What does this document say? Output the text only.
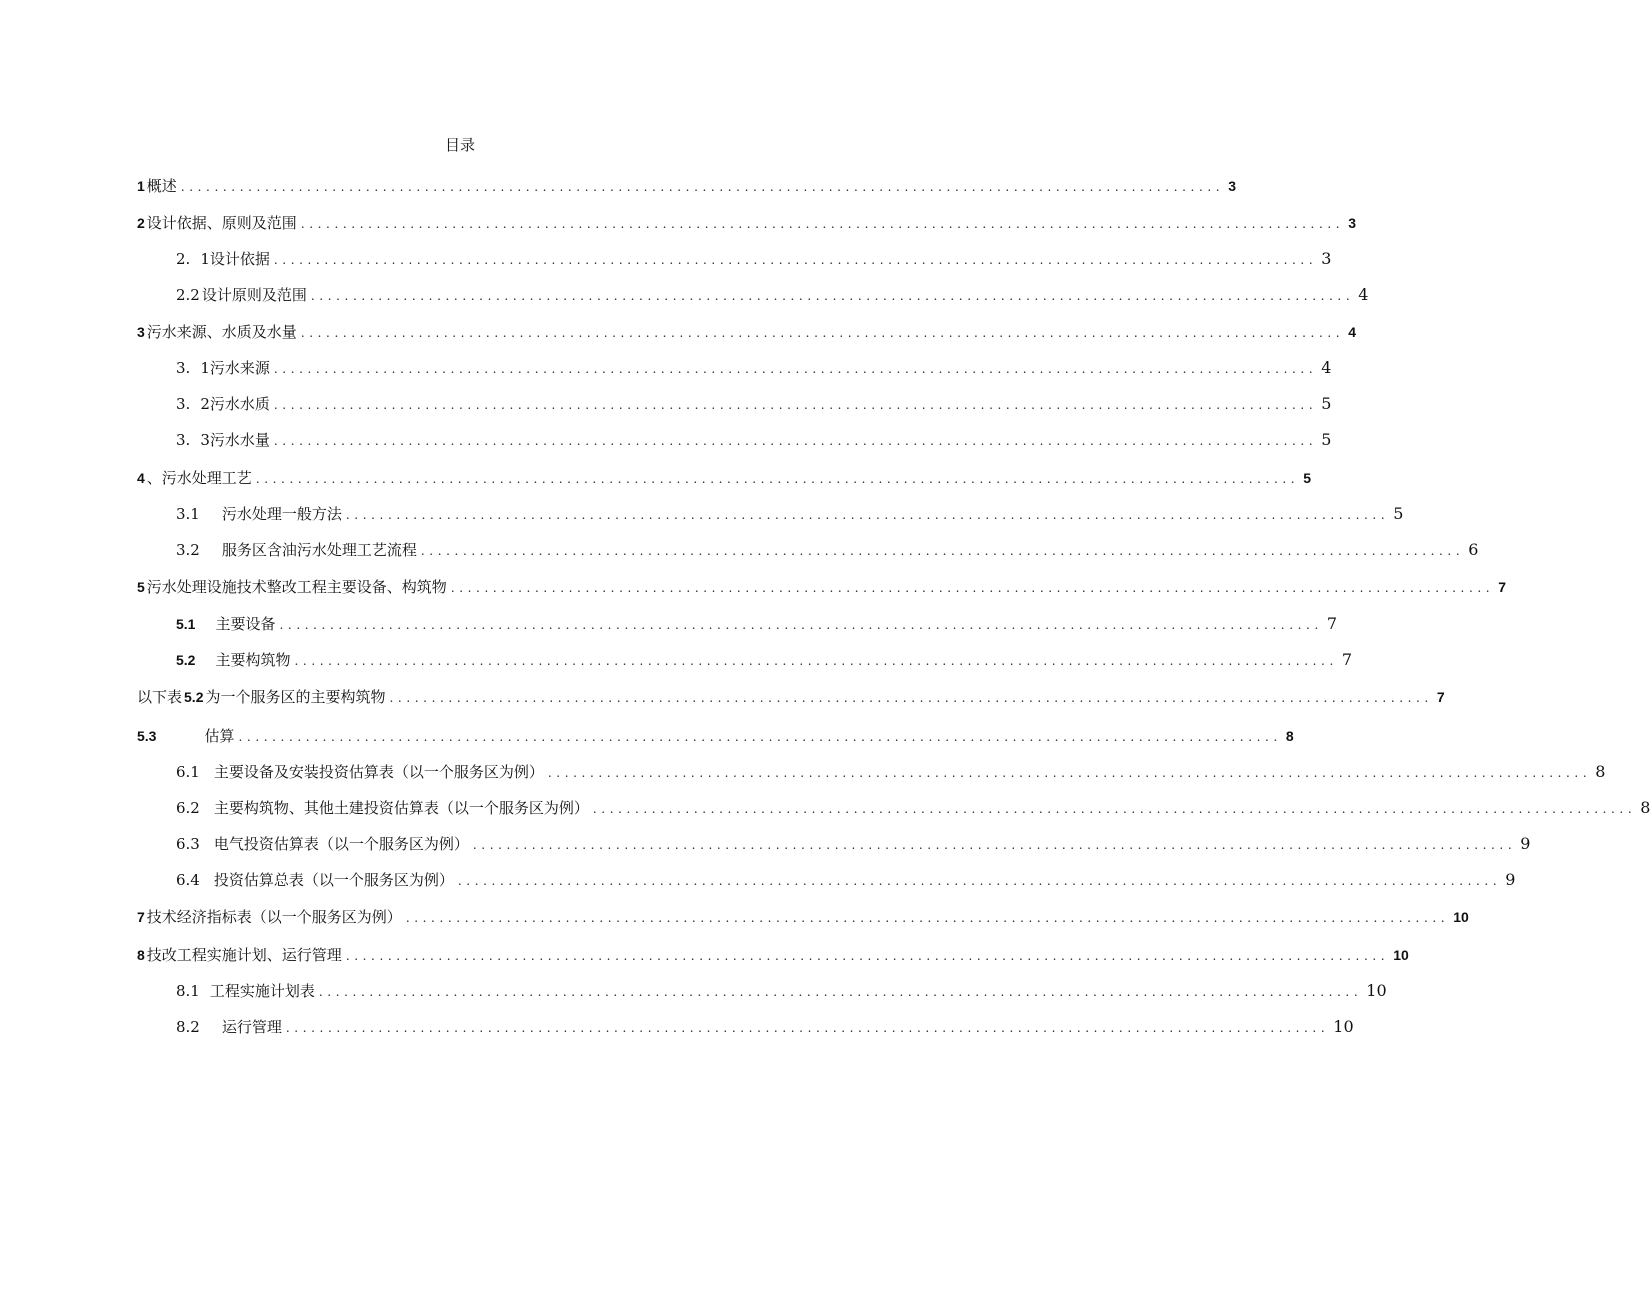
目录
1 概述 ............................................................................................................................ 3
2 设计依据、原则及范围 ............................................................................................................................ 3
2. 1设计依据 ............................................................................................................................ 3
2.2 设计原则及范围 ............................................................................................................................ 4
3 污水来源、水质及水量 ............................................................................................................................ 4
3. 1污水来源 ............................................................................................................................ 4
3. 2污水水质 ............................................................................................................................ 5
3. 3污水水量 ............................................................................................................................ 5
4 、污水处理工艺 ............................................................................................................................ 5
3.1 污水处理一般方法 ............................................................................................................................ 5
3.2 服务区含油污水处理工艺流程 ............................................................................................................................ 6
5 污水处理设施技术整改工程主要设备、构筑物 ............................................................................................................................ 7
5.1 主要设备 ............................................................................................................................ 7
5.2 主要构筑物 ............................................................................................................................ 7
以下表 5.2 为一个服务区的主要构筑物 ............................................................................................................................ 7
5.3	估算 ............................................................................................................................ 8
6.1 主要设备及安装投资估算表（以一个服务区为例） ............................................................................................................................ 8
6.2 主要构筑物、其他土建投资估算表（以一个服务区为例） ............................................................................................................................ 8
6.3 电气投资估算表（以一个服务区为例） ............................................................................................................................ 9
6.4 投资估算总表（以一个服务区为例） ............................................................................................................................ 9
7 技术经济指标表（以一个服务区为例） ............................................................................................................................ 10
8 技改工程实施计划、运行管理 ............................................................................................................................ 10
8.1 工程实施计划表 ............................................................................................................................ 10
8.2 运行管理 ............................................................................................................................ 10
